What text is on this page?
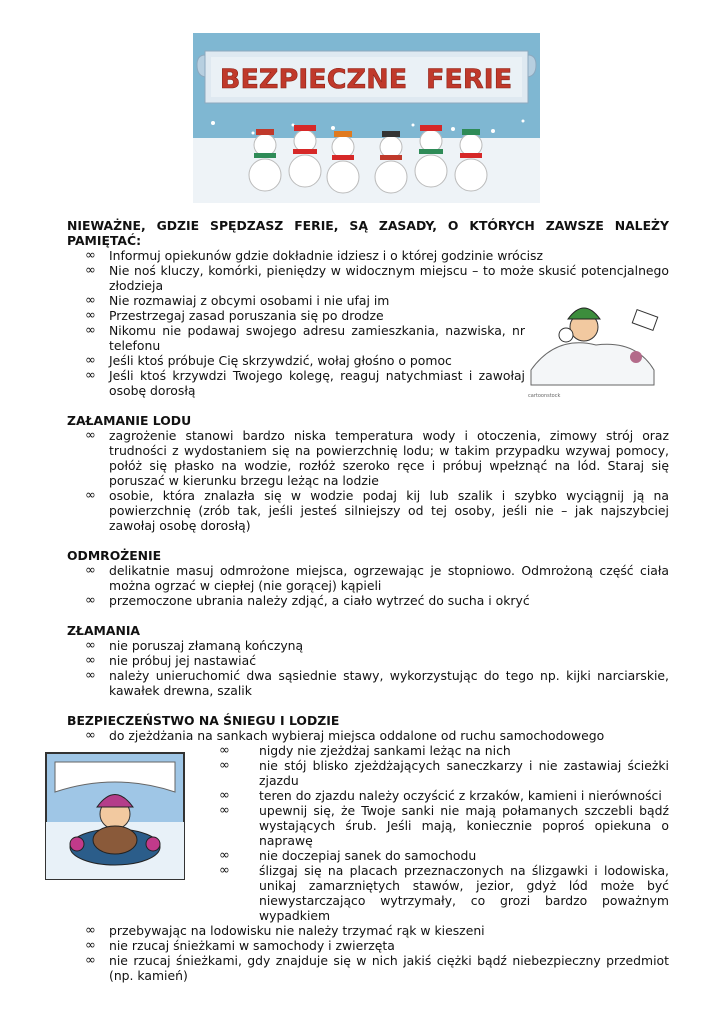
BEZPIECZNE  FERIE
cartoonstock

NIEWAŻNE, GDZIE SPĘDZASZ FERIE, SĄ ZASADY, O KTÓRYCH ZAWSZE NALEŻY PAMIĘTAĆ:

∞ Informuj opiekunów gdzie dokładnie idziesz i o której godzinie wrócisz
∞ Nie noś kluczy, komórki, pieniędzy w widocznym miejscu – to może skusić potencjalnego złodzieja
∞ Nie rozmawiaj z obcymi osobami i nie ufaj im
∞ Przestrzegaj zasad poruszania się po drodze
∞ Nikomu nie podawaj swojego adresu zamieszkania, nazwiska, nr telefonu
∞ Jeśli ktoś próbuje Cię skrzywdzić, wołaj głośno o pomoc
∞ Jeśli ktoś krzywdzi Twojego kolegę, reaguj natychmiast i zawołaj osobę dorosłą

ZAŁAMANIE LODU

∞ zagrożenie stanowi bardzo niska temperatura wody i otoczenia, zimowy strój oraz trudności z wydostaniem się na powierzchnię lodu; w takim przypadku wzywaj pomocy, połóż się płasko na wodzie, rozłóż szeroko ręce i próbuj wpełznąć na lód. Staraj się poruszać w kierunku brzegu leżąc na lodzie
∞ osobie, która znalazła się w wodzie podaj kij lub szalik i szybko wyciągnij ją na powierzchnię (zrób tak, jeśli jesteś silniejszy od tej osoby, jeśli nie – jak najszybciej zawołaj osobę dorosłą)

ODMROŻENIE

∞ delikatnie masuj odmrożone miejsca, ogrzewając je stopniowo. Odmrożoną część ciała można ogrzać w ciepłej (nie gorącej) kąpieli
∞ przemoczone ubrania należy zdjąć, a ciało wytrzeć do sucha i okryć

ZŁAMANIA

∞ nie poruszaj złamaną kończyną
∞ nie próbuj jej nastawiać
∞ należy unieruchomić dwa sąsiednie stawy, wykorzystując do tego np. kijki narciarskie, kawałek drewna, szalik

BEZPIECZEŃSTWO NA ŚNIEGU I LODZIE

∞ do zjeżdżania na sankach wybieraj miejsca oddalone od ruchu samochodowego
∞ nigdy nie zjeżdżaj sankami leżąc na nich
∞ nie stój blisko zjeżdżających saneczkarzy i nie zastawiaj ścieżki zjazdu
∞ teren do zjazdu należy oczyścić z krzaków, kamieni i nierówności
∞ upewnij się, że Twoje sanki nie mają połamanych szczebli bądź wystających śrub. Jeśli mają, koniecznie poproś opiekuna o naprawę
∞ nie doczepiaj sanek do samochodu
∞ ślizgaj się na placach przeznaczonych na ślizgawki i lodowiska, unikaj zamarzniętych stawów, jezior, gdyż lód może być niewystarczająco wytrzymały, co grozi bardzo poważnym wypadkiem
∞ przebywając na lodowisku nie należy trzymać rąk w kieszeni
∞ nie rzucaj śnieżkami w samochody i zwierzęta
∞ nie rzucaj śnieżkami, gdy znajduje się w nich jakiś ciężki bądź niebezpieczny przedmiot (np. kamień)
